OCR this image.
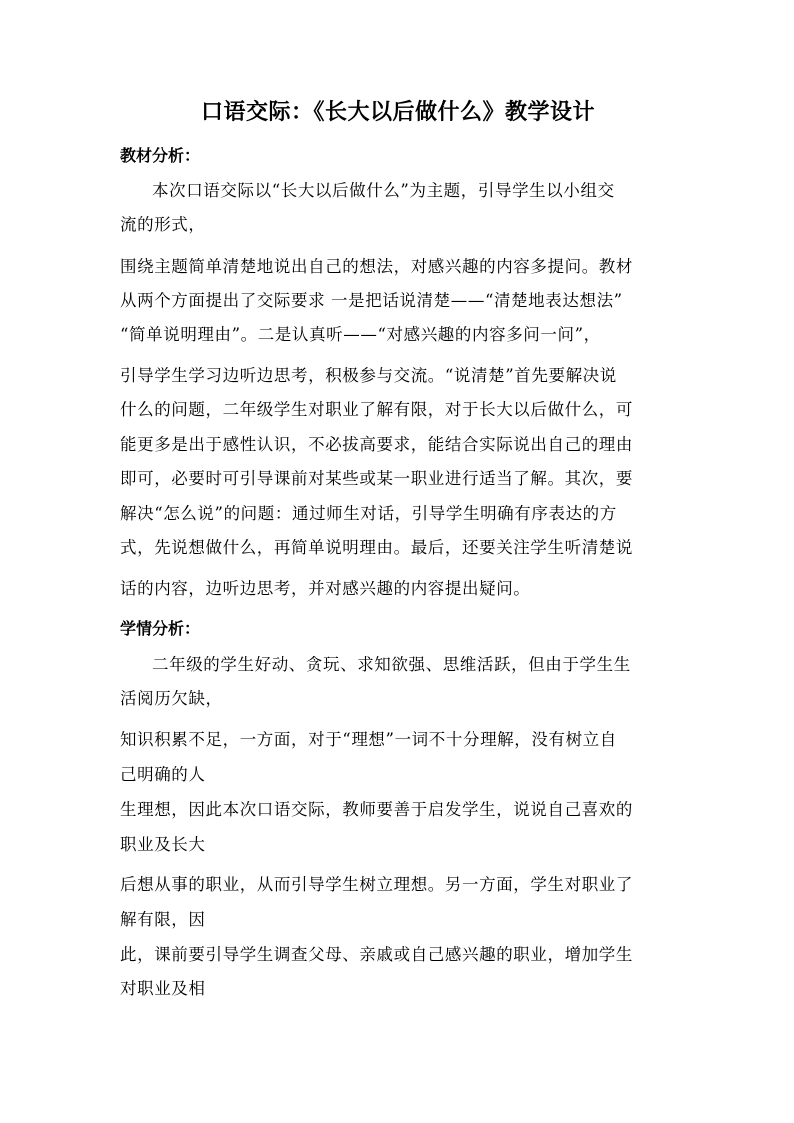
口语交际：《长大以后做什么》教学设计
教材分析：
本次口语交际以“长大以后做什么”为主题，引导学生以小组交
流的形式，
围绕主题简单清楚地说出自己的想法，对感兴趣的内容多提问。教材
从两个方面提出了交际要求 一是把话说清楚——“清楚地表达想法”
“简单说明理由”。二是认真听——“对感兴趣的内容多问一问”，
引导学生学习边听边思考，积极参与交流。“说清楚”首先要解决说
什么的问题，二年级学生对职业了解有限，对于长大以后做什么，可
能更多是出于感性认识，不必拔高要求，能结合实际说出自己的理由
即可，必要时可引导课前对某些或某一职业进行适当了解。其次，要
解决“怎么说”的问题：通过师生对话，引导学生明确有序表达的方
式，先说想做什么，再简单说明理由。最后，还要关注学生听清楚说
话的内容，边听边思考，并对感兴趣的内容提出疑问。
学情分析：
二年级的学生好动、贪玩、求知欲强、思维活跃，但由于学生生
活阅历欠缺，
知识积累不足，一方面，对于“理想”一词不十分理解，没有树立自
己明确的人
生理想，因此本次口语交际，教师要善于启发学生，说说自己喜欢的
职业及长大
后想从事的职业，从而引导学生树立理想。另一方面，学生对职业了
解有限，因
此，课前要引导学生调查父母、亲戚或自己感兴趣的职业，增加学生
对职业及相
